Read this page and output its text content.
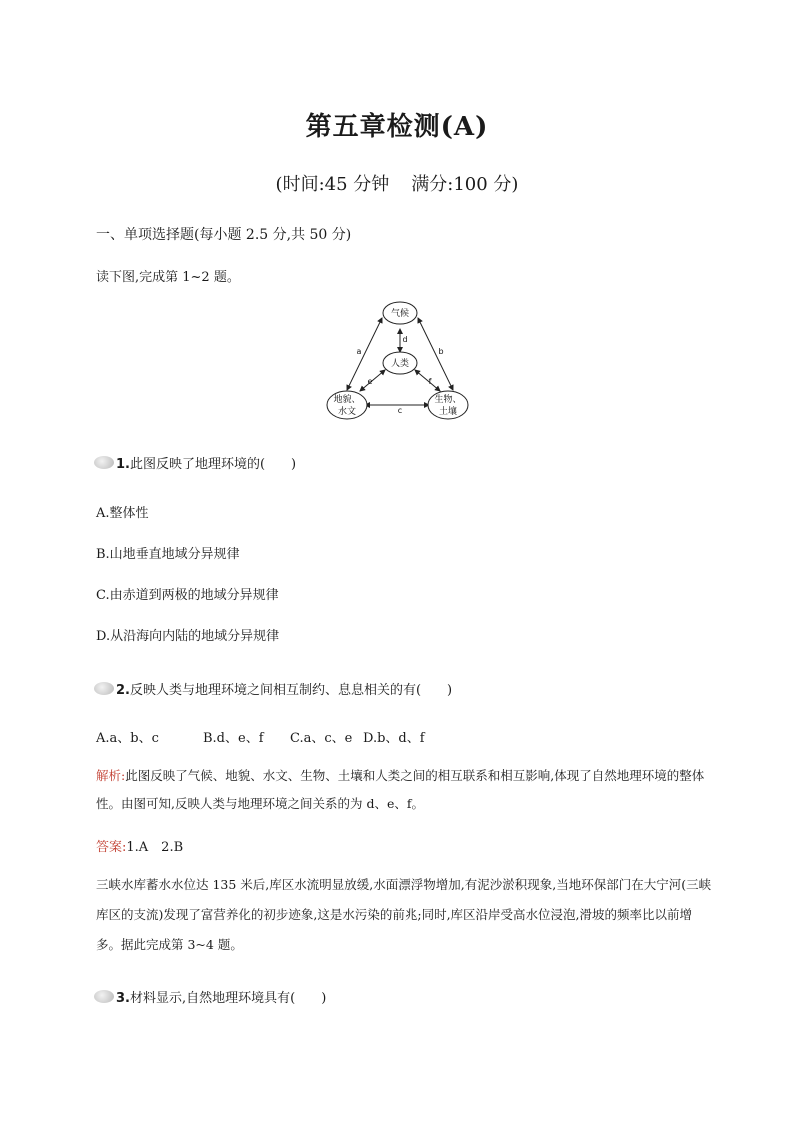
第五章检测(A)
(时间:45 分钟 满分:100 分)
一、单项选择题(每小题 2.5 分,共 50 分)
读下图,完成第 1~2 题。
气候
人类
地貌、
水文
生物、
土壤
a	b
c
d
e	f
1.此图反映了地理环境的(　　)
A.整体性
B.山地垂直地域分异规律
C.由赤道到两极的地域分异规律
D.从沿海向内陆的地域分异规律
2.反映人类与地理环境之间相互制约、息息相关的有(　　)
A.a、b、c	B.d、e、f C.a、c、e D.b、d、f
解析:此图反映了气候、地貌、水文、生物、土壤和人类之间的相互联系和相互影响,体现了自然地理环境的整体性。由图可知,反映人类与地理环境之间关系的为 d、e、f。
答案:1.A　2.B
三峡水库蓄水水位达 135 米后,库区水流明显放缓,水面漂浮物增加,有泥沙淤积现象,当地环保部门在大宁河(三峡库区的支流)发现了富营养化的初步迹象,这是水污染的前兆;同时,库区沿岸受高水位浸泡,滑坡的频率比以前增多。据此完成第 3~4 题。
3.材料显示,自然地理环境具有(　　)
